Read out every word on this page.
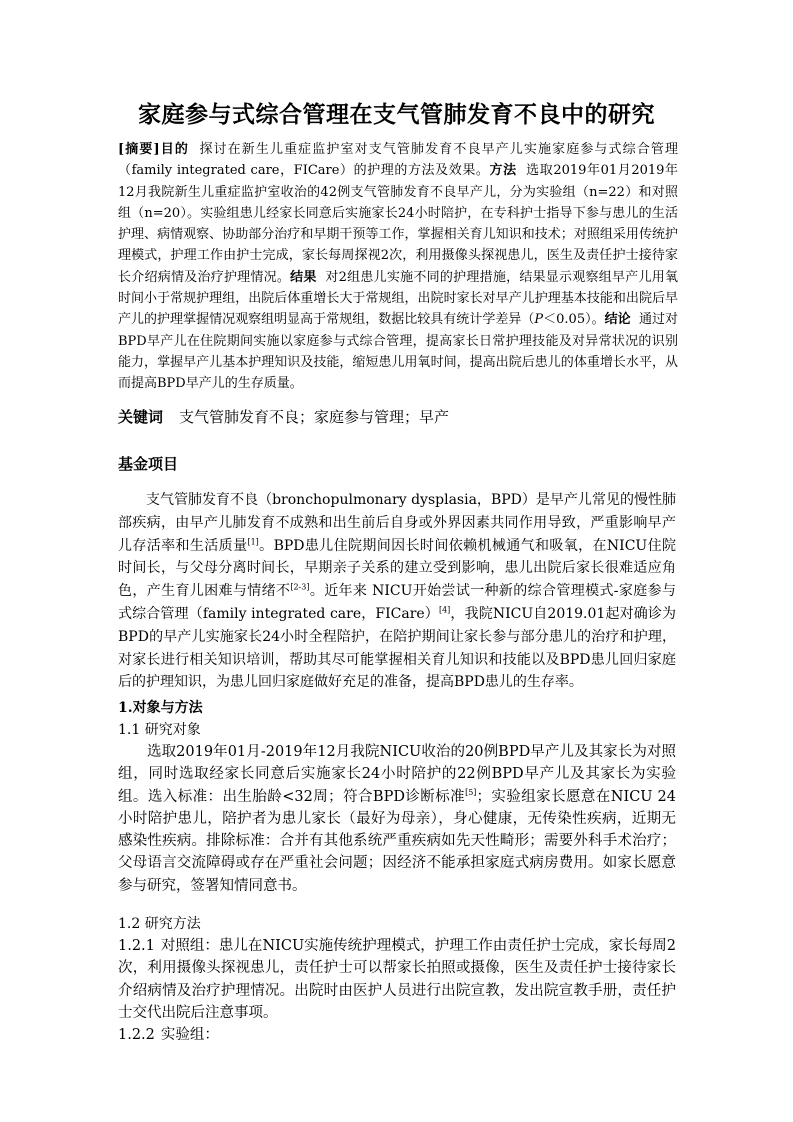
家庭参与式综合管理在支气管肺发育不良中的研究
[摘要]目的 探讨在新生儿重症监护室对支气管肺发育不良早产儿实施家庭参与式综合管理（family integrated care，FICare）的护理的方法及效果。方法 选取2019年01月2019年12月我院新生儿重症监护室收治的42例支气管肺发育不良早产儿，分为实验组（n=22）和对照组（n=20）。实验组患儿经家长同意后实施家长24小时陪护，在专科护士指导下参与患儿的生活护理、病情观察、协助部分治疗和早期干预等工作，掌握相关育儿知识和技术；对照组采用传统护理模式，护理工作由护士完成，家长每周探视2次，利用摄像头探视患儿，医生及责任护士接待家长介绍病情及治疗护理情况。结果 对2组患儿实施不同的护理措施，结果显示观察组早产儿用氧时间小于常规护理组，出院后体重增长大于常规组，出院时家长对早产儿护理基本技能和出院后早产儿的护理掌握情况观察组明显高于常规组，数据比较具有统计学差异（P＜0.05）。结论 通过对BPD早产儿在住院期间实施以家庭参与式综合管理，提高家长日常护理技能及对异常状况的识别能力，掌握早产儿基本护理知识及技能，缩短患儿用氧时间，提高出院后患儿的体重增长水平，从而提高BPD早产儿的生存质量。
关键词 支气管肺发育不良；家庭参与管理；早产
基金项目

支气管肺发育不良（bronchopulmonary dysplasia，BPD）是早产儿常见的慢性肺部疾病，由早产儿肺发育不成熟和出生前后自身或外界因素共同作用导致，严重影响早产儿存活率和生活质量[1]。BPD患儿住院期间因长时间依赖机械通气和吸氧，在NICU住院时间长，与父母分离时间长，早期亲子关系的建立受到影响，患儿出院后家长很难适应角色，产生育儿困难与情绪不[2-3]。近年来 NICU开始尝试一种新的综合管理模式-家庭参与式综合管理（family integrated care，FICare）[4]，我院NICU自2019.01起对确诊为BPD的早产儿实施家长24小时全程陪护，在陪护期间让家长参与部分患儿的治疗和护理，对家长进行相关知识培训，帮助其尽可能掌握相关育儿知识和技能以及BPD患儿回归家庭后的护理知识，为患儿回归家庭做好充足的准备，提高BPD患儿的生存率。

1.对象与方法
1.1 研究对象

选取2019年01月-2019年12月我院NICU收治的20例BPD早产儿及其家长为对照组，同时选取经家长同意后实施家长24小时陪护的22例BPD早产儿及其家长为实验组。选入标准：出生胎龄<32周；符合BPD诊断标准[5]；实验组家长愿意在NICU 24小时陪护患儿，陪护者为患儿家长（最好为母亲），身心健康，无传染性疾病，近期无感染性疾病。排除标准：合并有其他系统严重疾病如先天性畸形；需要外科手术治疗；父母语言交流障碍或存在严重社会问题；因经济不能承担家庭式病房费用。如家长愿意参与研究，签署知情同意书。

1.2 研究方法

1.2.1 对照组：患儿在NICU实施传统护理模式，护理工作由责任护士完成，家长每周2次，利用摄像头探视患儿，责任护士可以帮家长拍照或摄像，医生及责任护士接待家长介绍病情及治疗护理情况。出院时由医护人员进行出院宣教，发出院宣教手册，责任护士交代出院后注意事项。

1.2.2 实验组：
